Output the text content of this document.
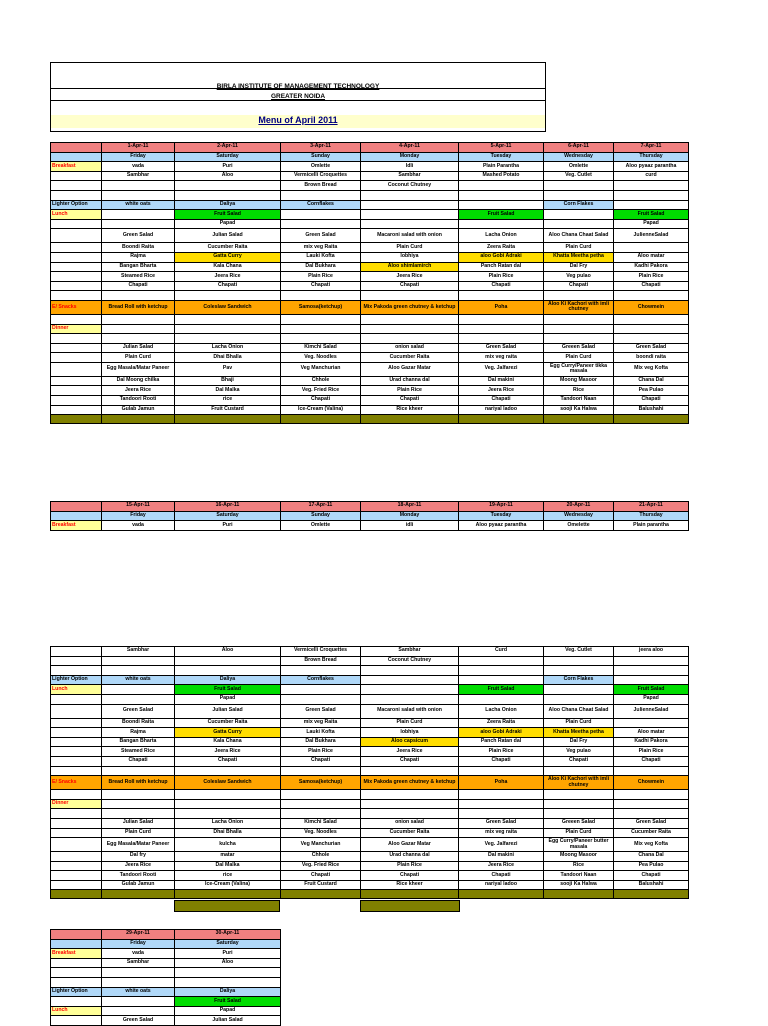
BIRLA INSTITUTE OF MANAGEMENT TECHNOLOGY
GREATER NOIDA
Menu of April 2011
	1-Apr-11	2-Apr-11	3-Apr-11	4-Apr-11	5-Apr-11	6-Apr-11	7-Apr-11
	Friday	Saturday	Sunday	Monday	Tuesday	Wednesday	Thursday
Breakfast	vada	Puri	Omlette	Idli	Plain Parantha	Omlette	Aloo pyaaz parantha
	Sambhar	Aloo	Vermicelli Croquettes	Sambhar	Mashed Potato	Veg. Cutlet	curd
			Brown Bread	Coconut Chutney			

Lighter Option	white oats	Daliya	Cornflakes			Corn Flakes	
Lunch		Fruit Salad			Fruit Salad		Fruit Salad
		Papad					Papad
	Green Salad	Julian Salad	Green Salad	Macaroni salad with onion	Lacha Onion	Aloo Chana Chaat Salad	JulienneSalad
	Boondi Raita	Cucumber Raita	mix veg Raita	Plain Curd	Zeera Raita	Plain Curd	
	Rajma	Gatta Curry	Lauki Kofta	lobhiya	aloo Gobi Adraki	Khatta Meetha petha	Aloo matar
	Bangan Bharta	Kala Chana	Dal Bukhara	Aloo shimlamirch	Panch Ratan dal	Dal Fry	Kadhi Pakora
	Steamed Rice	Jeera Rice	Plain Rice	Jeera Rice	Plain Rice	Veg pulao	Plain Rice
	Chapati	Chapati	Chapati	Chapati	Chapati	Chapati	Chapati

E/ Snacks	Bread Roll with ketchup	Coleslaw Sandwich	Samosa(ketchup)	Mix Pakoda green chutney & ketchup	Poha	Aloo Ki Kachori with imli chutney	Chowmein

Dinner							

	Julian Salad	Lacha Onion	Kimchi Salad	onion salad	Green Salad	Greeen Salad	Green Salad
	Plain Curd	Dhai Bhalla	Veg. Noodles	Cucumber Raita	mix veg raita	Plain Curd	boondi raita
	Egg Masala/Matar Paneer	Pav	Veg Manchurian	Aloo Gazar Matar	Veg. Jalfarezi	Egg Curry/Paneer tikka masala	Mix veg Kofta
	Dal Moong chilka	Bhaji	Chhole	Urad channa dal	Dal makini	Moong Masoor	Chana Dal
	Jeera Rice	Dal Malka	Veg. Fried Rice	Plain Rice	Jeera Rice	Rice	Pea Pulao
	Tandoori Rooti	rice	Chapati	Chapati	Chapati	Tandoori Naan	Chapati
	Gulab Jamun	Fruit Custard	Ice-Cream (Valina)	Rice kheer	nariyal ladoo	sooji Ka Halwa	Balushahi

	15-Apr-11	16-Apr-11	17-Apr-11	18-Apr-11	19-Apr-11	20-Apr-11	21-Apr-11
	Friday	Saturday	Sunday	Monday	Tuesday	Wednesday	Thursday
Breakfast	vada	Puri	Omlette	idli	Aloo pyaaz parantha	Omelette	Plain parantha
	Sambhar	Aloo	Vermicelli Croquettes	Sambhar	Curd	Veg. Cutlet	jeera aloo
			Brown Bread	Coconut Chutney			

Lighter Option	white oats	Daliya	Cornflakes			Corn Flakes	
Lunch		Fruit Salad			Fruit Salad		Fruit Salad
		Papad					Papad
	Green Salad	Julian Salad	Green Salad	Macaroni salad with onion	Lacha Onion	Aloo Chana Chaat Salad	JulienneSalad
	Boondi Raita	Cucumber Raita	mix veg Raita	Plain Curd	Zeera Raita	Plain Curd	
	Rajma	Gatta Curry	Lauki Kofta	lobhiya	aloo Gobi Adraki	Khatta Meetha petha	Aloo matar
	Bangan Bharta	Kala Chana	Dal Bukhara	Aloo capsicum	Panch Ratan dal	Dal Fry	Kadhi Pakora
	Steamed Rice	Jeera Rice	Plain Rice	Jeera Rice	Plain Rice	Veg pulao	Plain Rice
	Chapati	Chapati	Chapati	Chapati	Chapati	Chapati	Chapati

E/ Snacks	Bread Roll with ketchup	Coleslaw Sandwich	Samosa(ketchup)	Mix Pakoda green chutney & ketchup	Poha	Aloo Ki Kachori with imli chutney	Chowmein

Dinner							

	Julian Salad	Lacha Onion	Kimchi Salad	onion salad	Green Salad	Greeen Salad	Green Salad
	Plain Curd	Dhai Bhalla	Veg. Noodles	Cucumber Raita	mix veg raita	Plain Curd	Cucumber Raita
	Egg Masala/Matar Paneer	kulcha	Veg Manchurian	Aloo Gazar Matar	Veg. Jalfarezi	Egg Curry/Paneer butter masala	Mix veg Kofta
	Dal fry	matar	Chhole	Urad channa dal	Dal makini	Moong Masoor	Chana Dal
	Jeera Rice	Dal Malka	Veg. Fried Rice	Plain Rice	Jeera Rice	Rice	Pea Pulao
	Tandoori Rooti	rice	Chapati	Chapati	Chapati	Tandoori Naan	Chapati
	Gulab Jamun	Ice-Cream (Valina)	Fruit Custard	Rice kheer	nariyal ladoo	sooji Ka Halwa	Balushahi

	29-Apr-11	30-Apr-11
	Friday	Saturday
Breakfast	vada	Puri
	Sambhar	Aloo

Lighter Option	white oats	Daliya
		Fruit Salad
Lunch		Papad
	Green Salad	Julian Salad
